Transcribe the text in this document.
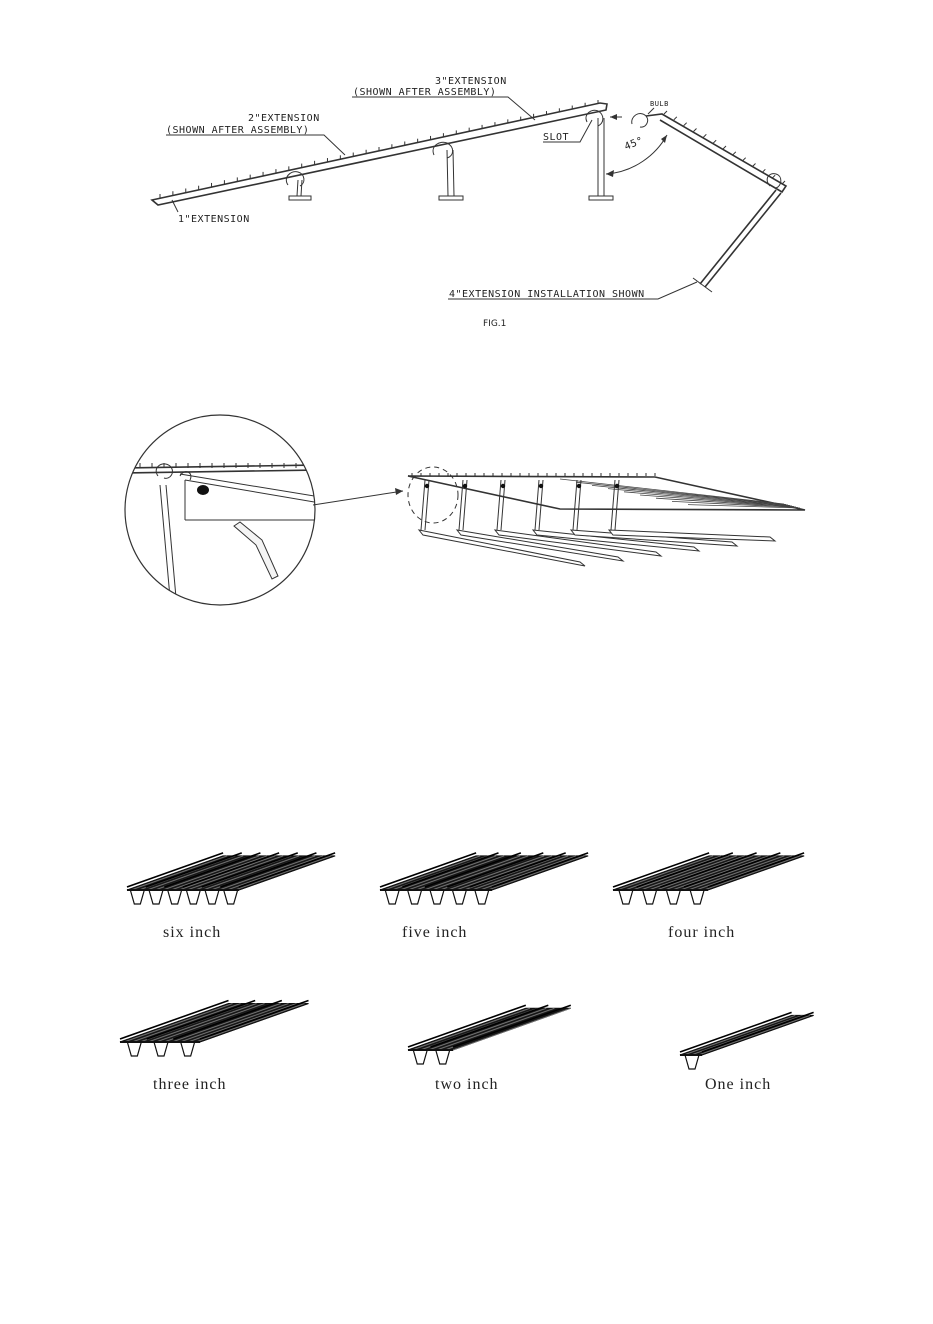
3"EXTENSION
(SHOWN AFTER ASSEMBLY)
2"EXTENSION
(SHOWN AFTER ASSEMBLY)
1"EXTENSION
SLOT
BULB
45°
4"EXTENSION INSTALLATION SHOWN
FIG.1
six inch	five inch	four inch
three inch	two inch	One inch
